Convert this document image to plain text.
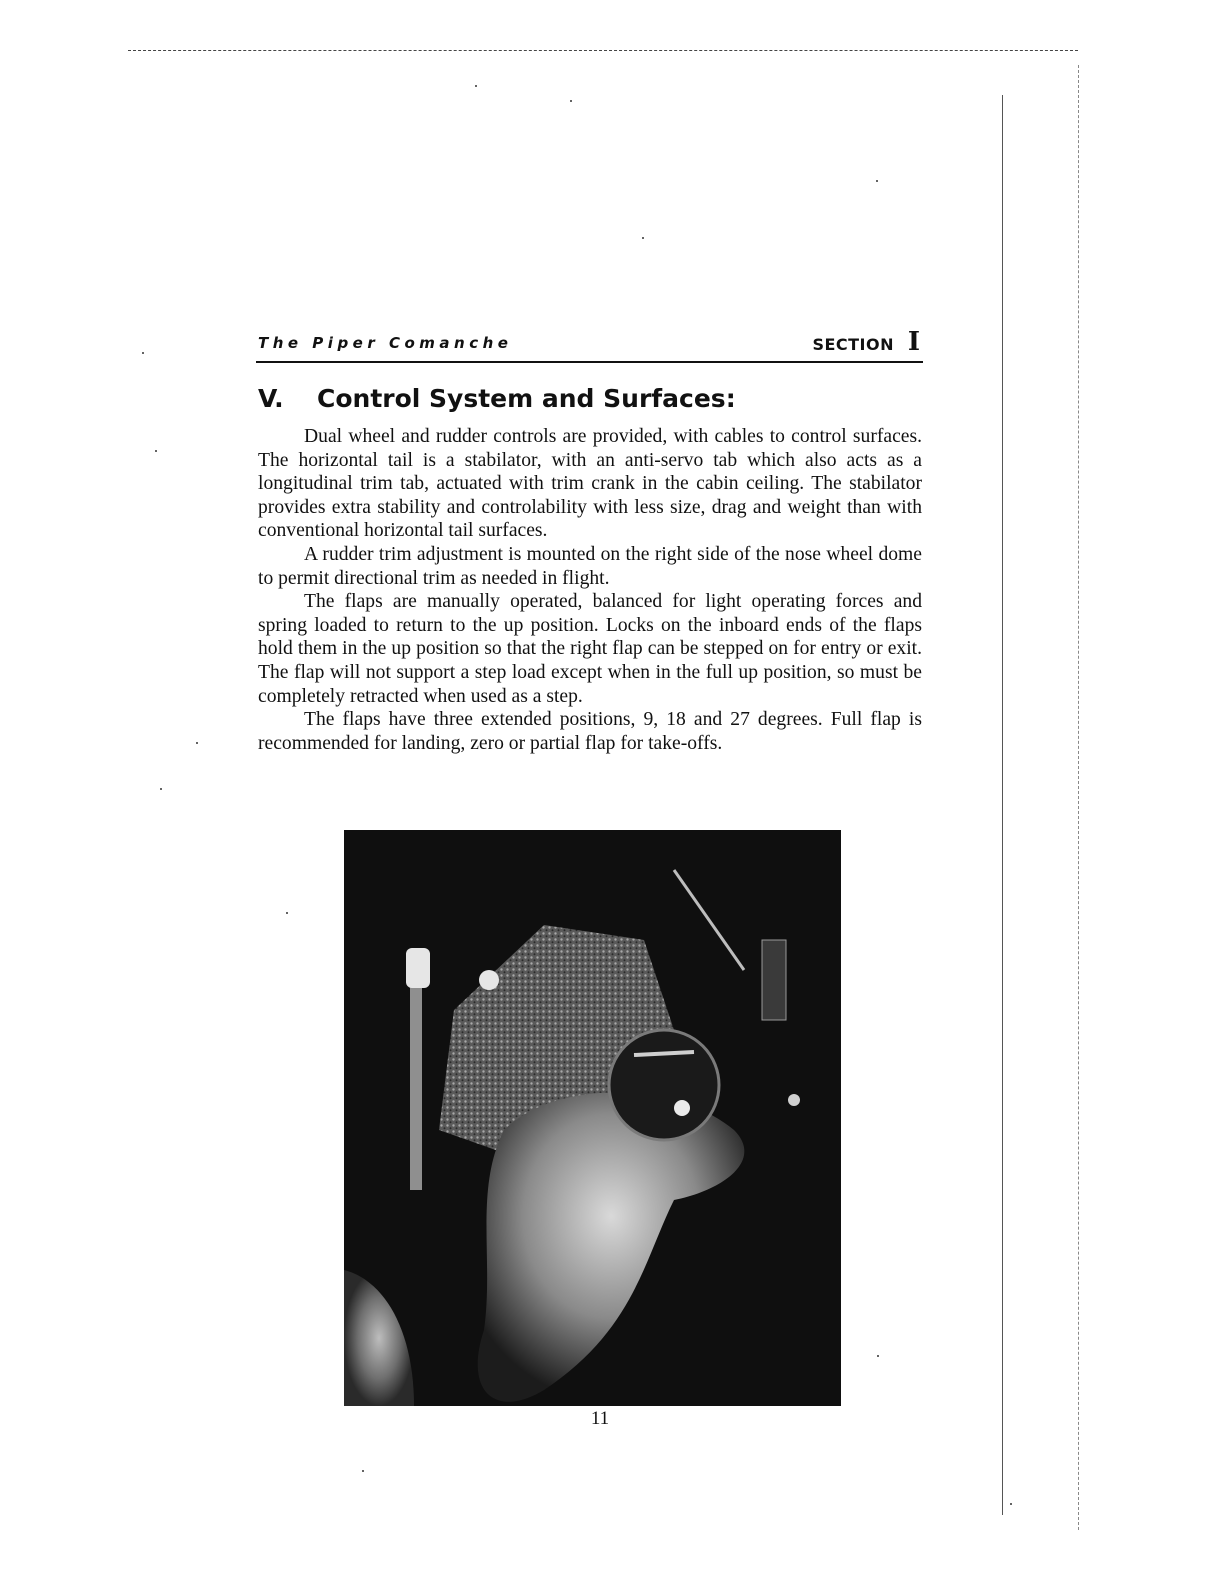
The Piper Comanche	SECTION I
V. Control System and Surfaces:

Dual wheel and rudder controls are provided, with cables to control surfaces. The horizontal tail is a stabilator, with an anti-servo tab which also acts as a longitudinal trim tab, actuated with trim crank in the cabin ceiling. The stabilator provides extra stability and controlability with less size, drag and weight than with conventional horizontal tail surfaces.

A rudder trim adjustment is mounted on the right side of the nose wheel dome to permit directional trim as needed in flight.

The flaps are manually operated, balanced for light operating forces and spring loaded to return to the up position. Locks on the inboard ends of the flaps hold them in the up position so that the right flap can be stepped on for entry or exit. The flap will not support a step load except when in the full up position, so must be completely retracted when used as a step.

The flaps have three extended positions, 9, 18 and 27 degrees. Full flap is recommended for landing, zero or partial flap for take-offs.

11
